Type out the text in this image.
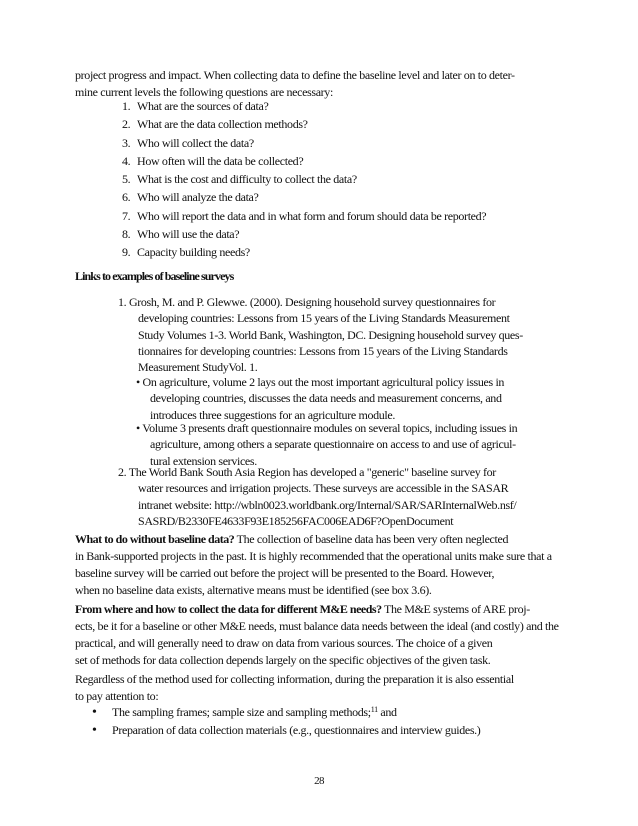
project progress and impact. When collecting data to define the baseline level and later on to deter-
mine current levels the following questions are necessary:

1. What are the sources of data?
2. What are the data collection methods?
3. Who will collect the data?
4. How often will the data be collected?
5. What is the cost and difficulty to collect the data?
6. Who will analyze the data?
7. Who will report the data and in what form and forum should data be reported?
8. Who will use the data?
9. Capacity building needs?

Links to examples of baseline surveys

1. Grosh, M. and P. Glewwe. (2000). Designing household survey questionnaires for
developing countries: Lessons from 15 years of the Living Standards Measurement
Study Volumes 1-3. World Bank, Washington, DC. Designing household survey ques-
tionnaires for developing countries: Lessons from 15 years of the Living Standards
Measurement StudyVol. 1.
• On agriculture, volume 2 lays out the most important agricultural policy issues in
developing countries, discusses the data needs and measurement concerns, and
introduces three suggestions for an agriculture module.
• Volume 3 presents draft questionnaire modules on several topics, including issues in
agriculture, among others a separate questionnaire on access to and use of agricul-
tural extension services.
2. The World Bank South Asia Region has developed a "generic" baseline survey for
water resources and irrigation projects. These surveys are accessible in the SASAR
intranet website: http://wbln0023.worldbank.org/Internal/SAR/SARInternalWeb.nsf/
SASRD/B2330FE4633F93E185256FAC006EAD6F?OpenDocument

What to do without baseline data? The collection of baseline data has been very often neglected
in Bank-supported projects in the past. It is highly recommended that the operational units make sure that a
baseline survey will be carried out before the project will be presented to the Board. However,
when no baseline data exists, alternative means must be identified (see box 3.6).

From where and how to collect the data for different M&E needs? The M&E systems of ARE proj-
ects, be it for a baseline or other M&E needs, must balance data needs between the ideal (and costly) and the
practical, and will generally need to draw on data from various sources. The choice of a given
set of methods for data collection depends largely on the specific objectives of the given task.

Regardless of the method used for collecting information, during the preparation it is also essential
to pay attention to:

• The sampling frames; sample size and sampling methods;$^{11}$ and
• Preparation of data collection materials (e.g., questionnaires and interview guides.)
28
